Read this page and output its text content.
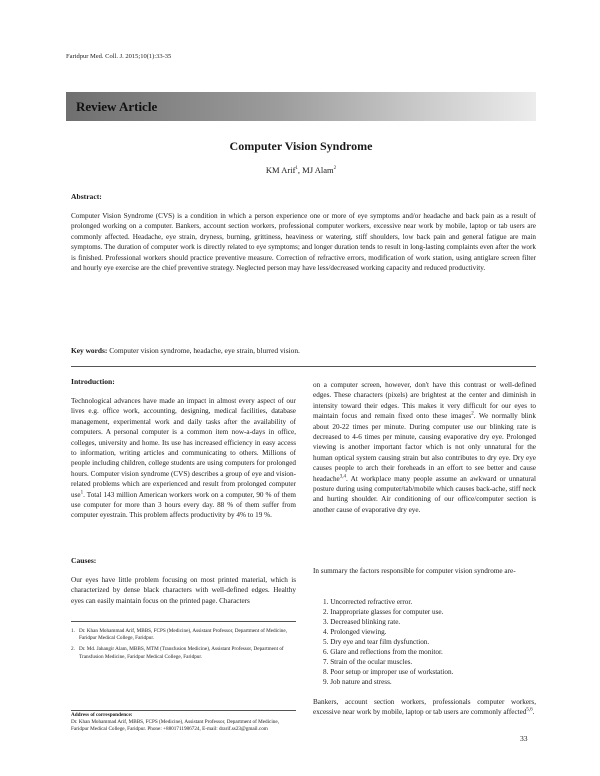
Faridpur Med. Coll. J. 2015;10(1):33-35
Review Article
Computer Vision Syndrome
KM Arif$^1$, MJ Alam$^2$
Abstract:
Computer Vision Syndrome (CVS) is a condition in which a person experience one or more of eye symptoms and/or headache and back pain as a result of prolonged working on a computer. Bankers, account section workers, professional computer workers, excessive near work by mobile, laptop or tab users are commonly affected. Headache, eye strain, dryness, burning, grittiness, heaviness or watering, stiff shoulders, low back pain and general fatigue are main symptoms. The duration of computer work is directly related to eye symptoms; and longer duration tends to result in long-lasting complaints even after the work is finished. Professional workers should practice preventive measure. Correction of refractive errors, modification of work station, using antiglare screen filter and hourly eye exercise are the chief preventive strategy. Neglected person may have less/decreased working capacity and reduced productivity.
Key words: Computer vision syndrome, headache, eye strain, blurred vision.
Introduction:
Technological advances have made an impact in almost every aspect of our lives e.g. office work, accounting, designing, medical facilities, database management, experimental work and daily tasks after the availability of computers. A personal computer is a common item now-a-days in office, colleges, university and home. Its use has increased efficiency in easy access to information, writing articles and communicating to others. Millions of people including children, college students are using computers for prolonged hours. Computer vision syndrome (CVS) describes a group of eye and vision-related problems which are experienced and result from prolonged computer use$^1$. Total 143 million American workers work on a computer, 90 % of them use computer for more than 3 hours every day. 88 % of them suffer from computer eyestrain. This problem affects productivity by 4% to 19 %.
Causes:
Our eyes have little problem focusing on most printed material, which is characterized by dense black characters with well-defined edges. Healthy eyes can easily maintain focus on the printed page. Characters
1. Dr. Khan Mohammad Arif, MBBS, FCPS (Medicine), Assistant Professor, Department of Medicine, Faridpur Medical College, Faridpur.
2. Dr. Md. Jahangir Alam, MBBS, MTM (Transfusion Medicine), Assistant Professor, Department of Transfusion Medicine, Faridpur Medical College, Faridpur.
Address of correspondence:
Dr. Khan Mohammad Arif, MBBS, FCPS (Medicine), Assistant Professor, Department of Medicine, Faridpur Medical College, Faridpur. Phone: +8801711986724, E-mail: drarif.ss23@gmail.com
on a computer screen, however, don't have this contrast or well-defined edges. These characters (pixels) are brightest at the center and diminish in intensity toward their edges. This makes it very difficult for our eyes to maintain focus and remain fixed onto these images$^2$. We normally blink about 20-22 times per minute. During computer use our blinking rate is decreased to 4-6 times per minute, causing evaporative dry eye. Prolonged viewing is another important factor which is not only unnatural for the human optical system causing strain but also contributes to dry eye. Dry eye causes people to arch their foreheads in an effort to see better and cause headache$^{3,4}$. At workplace many people assume an awkward or unnatural posture during using computer/tab/mobile which causes back-ache, stiff neck and hurting shoulder. Air conditioning of our office/computer section is another cause of evaporative dry eye.
In summary the factors responsible for computer vision syndrome are-
1. Uncorrected refractive error.
2. Inappropriate glasses for computer use.
3. Decreased blinking rate.
4. Prolonged viewing.
5. Dry eye and tear film dysfunction.
6. Glare and reflections from the monitor.
7. Strain of the ocular muscles.
8. Poor setup or improper use of workstation.
9. Job nature and stress.
Bankers, account section workers, professionals computer workers, excessive near work by mobile, laptop or tab users are commonly affected$^{5,6}$.
33
